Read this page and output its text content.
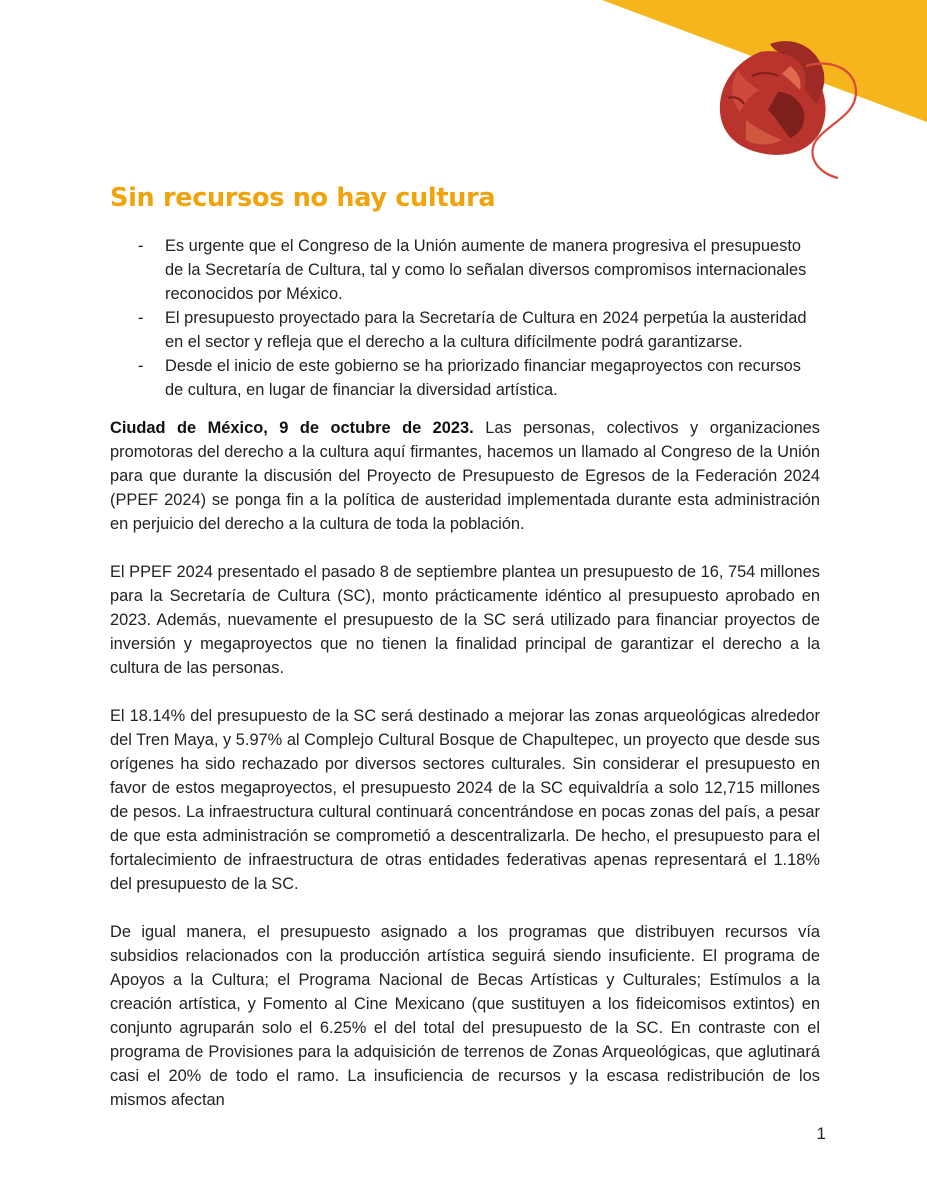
Sin recursos no hay cultura
- Es urgente que el Congreso de la Unión aumente de manera progresiva el presupuesto de la Secretaría de Cultura, tal y como lo señalan diversos compromisos internacionales reconocidos por México.
- El presupuesto proyectado para la Secretaría de Cultura en 2024 perpetúa la austeridad en el sector y refleja que el derecho a la cultura difícilmente podrá garantizarse.
- Desde el inicio de este gobierno se ha priorizado financiar megaproyectos con recursos de cultura, en lugar de financiar la diversidad artística.

Ciudad de México, 9 de octubre de 2023. Las personas, colectivos y organizaciones promotoras del derecho a la cultura aquí firmantes, hacemos un llamado al Congreso de la Unión para que durante la discusión del Proyecto de Presupuesto de Egresos de la Federación 2024 (PPEF 2024) se ponga fin a la política de austeridad implementada durante esta administración en perjuicio del derecho a la cultura de toda la población.

El PPEF 2024 presentado el pasado 8 de septiembre plantea un presupuesto de 16, 754 millones para la Secretaría de Cultura (SC), monto prácticamente idéntico al presupuesto aprobado en 2023. Además, nuevamente el presupuesto de la SC será utilizado para financiar proyectos de inversión y megaproyectos que no tienen la finalidad principal de garantizar el derecho a la cultura de las personas.

El 18.14% del presupuesto de la SC será destinado a mejorar las zonas arqueológicas alrededor del Tren Maya, y 5.97% al Complejo Cultural Bosque de Chapultepec, un proyecto que desde sus orígenes ha sido rechazado por diversos sectores culturales. Sin considerar el presupuesto en favor de estos megaproyectos, el presupuesto 2024 de la SC equivaldría a solo 12,715 millones de pesos. La infraestructura cultural continuará concentrándose en pocas zonas del país, a pesar de que esta administración se comprometió a descentralizarla. De hecho, el presupuesto para el fortalecimiento de infraestructura de otras entidades federativas apenas representará el 1.18% del presupuesto de la SC.

De igual manera, el presupuesto asignado a los programas que distribuyen recursos vía subsidios relacionados con la producción artística seguirá siendo insuficiente. El programa de Apoyos a la Cultura; el Programa Nacional de Becas Artísticas y Culturales; Estímulos a la creación artística, y Fomento al Cine Mexicano (que sustituyen a los fideicomisos extintos) en conjunto agruparán solo el 6.25% el del total del presupuesto de la SC. En contraste con el programa de Provisiones para la adquisición de terrenos de Zonas Arqueológicas, que aglutinará casi el 20% de todo el ramo. La insuficiencia de recursos y la escasa redistribución de los mismos afectan

1
